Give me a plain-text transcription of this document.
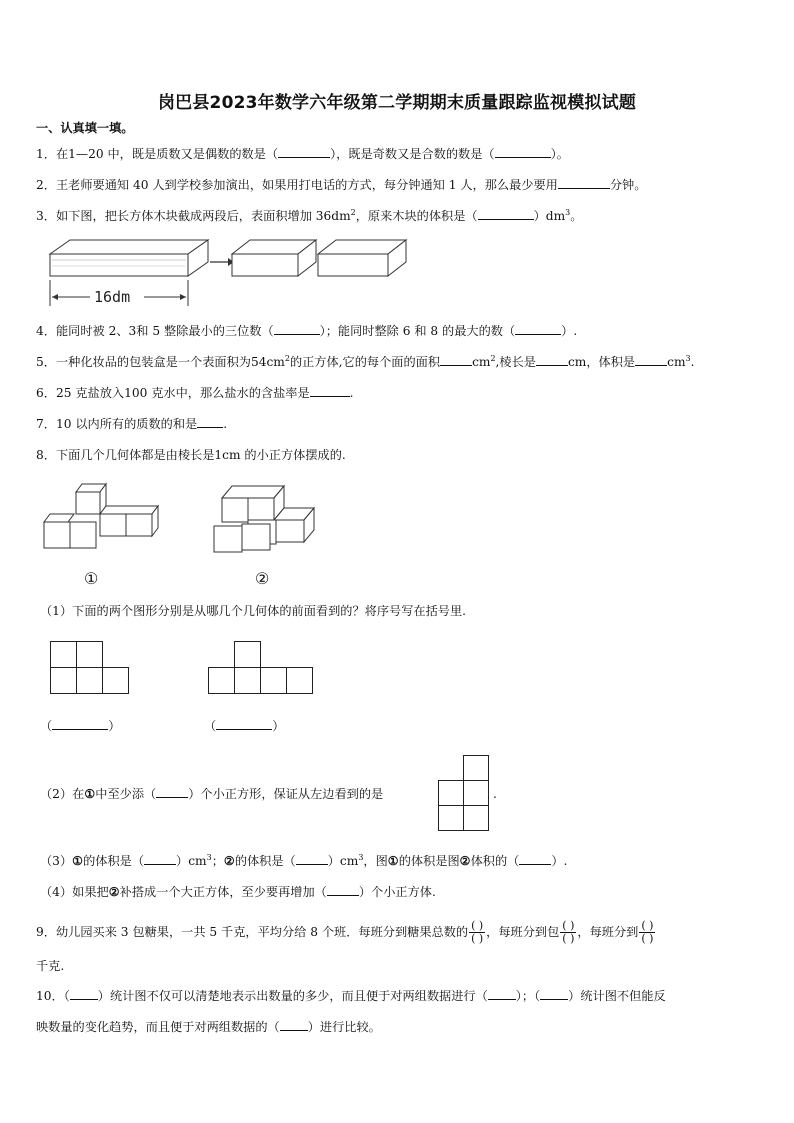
岗巴县2023年数学六年级第二学期期末质量跟踪监视模拟试题
一、认真填一填。
1．在1—20 中，既是质数又是偶数的数是（	），既是奇数又是合数的数是（	）。
2．王老师要通知 40 人到学校参加演出，如果用打电话的方式，每分钟通知 1 人，那么最少要用	分钟。
3．如下图，把长方体木块截成两段后，表面积增加 $36dm^2$，原来木块的体积是（	）$dm^3$。
16dm
4．能同时被 2、3和 5 整除最小的三位数（	）；能同时整除 6 和 8 的最大的数（	）.
5．一种化妆品的包装盒是一个表面积为$54cm^2$的正方体,它的每个面的面积	$cm^2$,棱长是	cm，体积是	$cm^3$.
6．25 克盐放入100 克水中，那么盐水的含盐率是	.
7．10 以内所有的质数的和是 .
8．下面几个几何体都是由棱长是1cm 的小正方体摆成的.
①	②
（1）下面的两个图形分别是从哪几个几何体的前面看到的？将序号写在括号里.
（	）	（	）
（2）在①中至少添（	）个小正方形，保证从左边看到的是	.
（3）①的体积是（	）$cm^3$；②的体积是（	）$cm^3$，图①的体积是图②体积的（	）.
（4）如果把②补搭成一个大正方体，至少要再增加（	）个小正方体.
9．幼儿园买来 3 包糖果，一共 5 千克，平均分给 8 个班．每班分到糖果总数的 $\frac{( )}{( )}$ ，每班分到包 $\frac{( )}{( )}$ ，每班分到 $\frac{( )}{( )}$
千克.
10．（ ）统计图不仅可以清楚地表示出数量的多少，而且便于对两组数据进行（ ）；（ ）统计图不但能反
映数量的变化趋势，而且便于对两组数据的（ ）进行比较。
